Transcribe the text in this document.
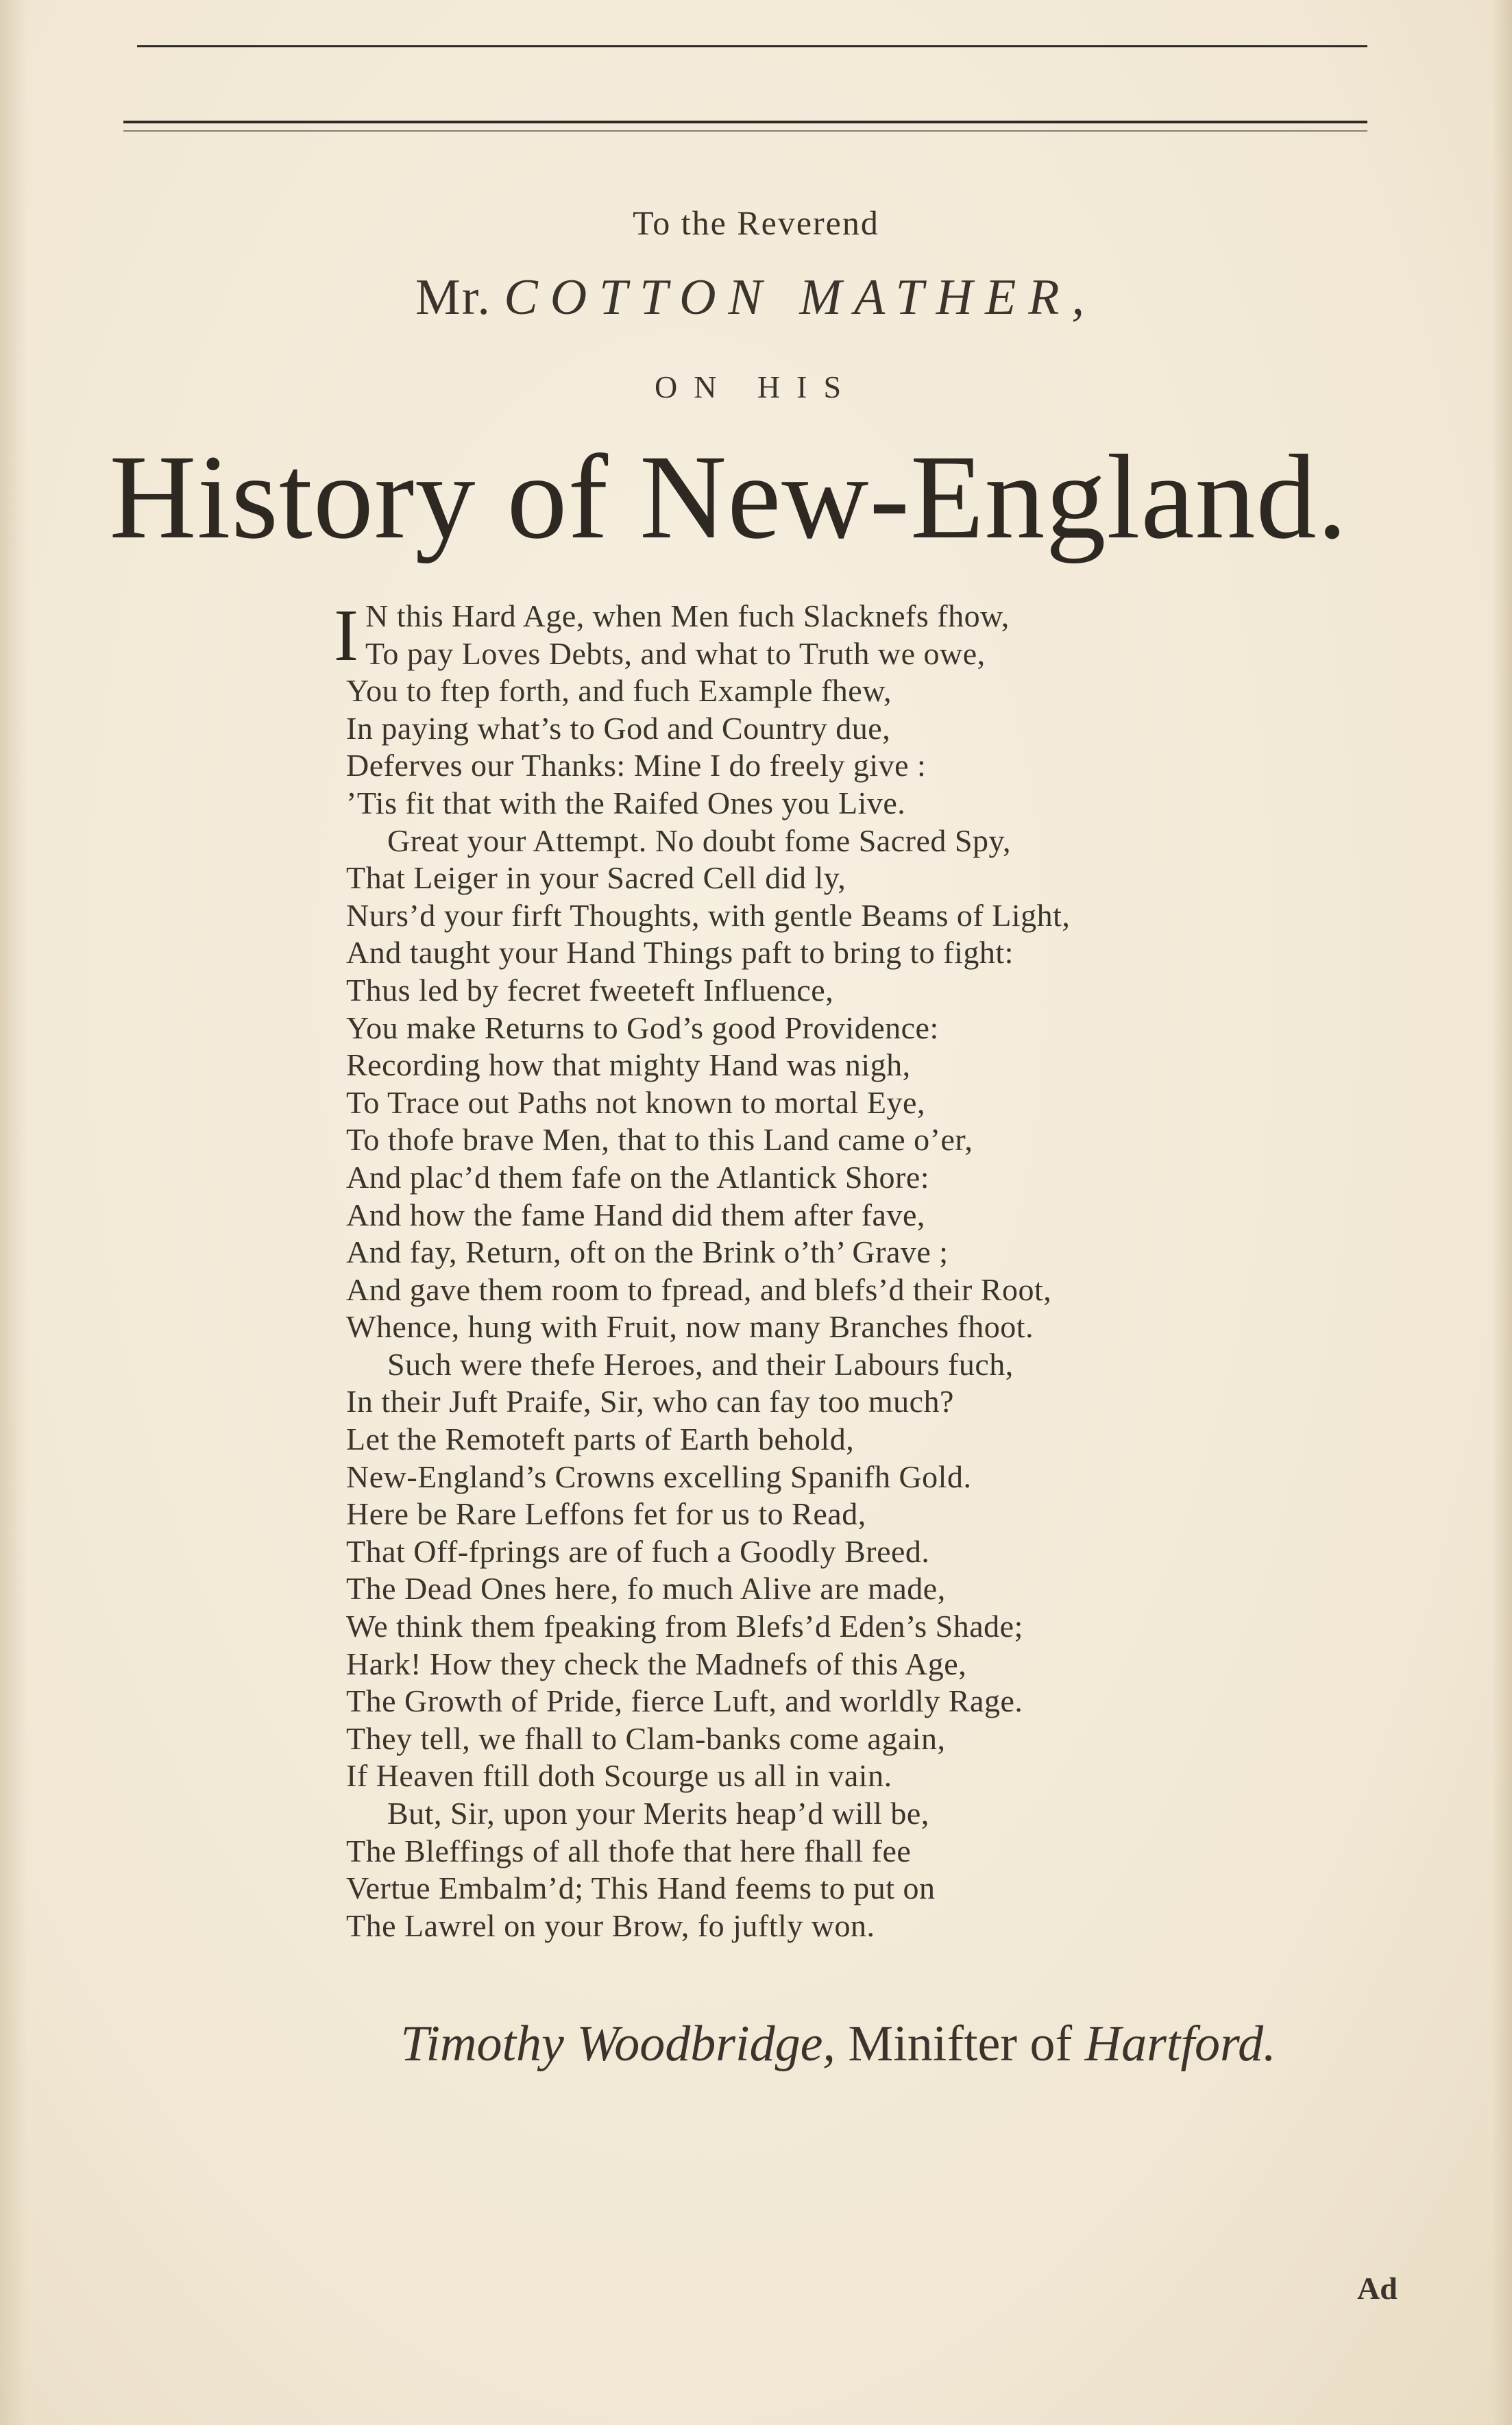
To the Reverend
Mr. COTTON MATHER,
ON HIS
History of New-England.
I N this Hard Age, when Men fuch Slacknefs fhow,
To pay Loves Debts, and what to Truth we owe,
You to ftep forth, and fuch Example fhew,
In paying what’s to God and Country due,
Deferves our Thanks: Mine I do freely give :
’Tis fit that with the Raifed Ones you Live.
Great your Attempt. No doubt fome Sacred Spy,
That Leiger in your Sacred Cell did ly,
Nurs’d your firft Thoughts, with gentle Beams of Light,
And taught your Hand Things paft to bring to fight:
Thus led by fecret fweeteft Influence,
You make Returns to God’s good Providence:
Recording how that mighty Hand was nigh,
To Trace out Paths not known to mortal Eye,
To thofe brave Men, that to this Land came o’er,
And plac’d them fafe on the Atlantick Shore:
And how the fame Hand did them after fave,
And fay, Return, oft on the Brink o’th’ Grave ;
And gave them room to fpread, and blefs’d their Root,
Whence, hung with Fruit, now many Branches fhoot.
Such were thefe Heroes, and their Labours fuch,
In their Juft Praife, Sir, who can fay too much?
Let the Remoteft parts of Earth behold,
New-England’s Crowns excelling Spanifh Gold.
Here be Rare Leffons fet for us to Read,
That Off-fprings are of fuch a Goodly Breed.
The Dead Ones here, fo much Alive are made,
We think them fpeaking from Blefs’d Eden’s Shade;
Hark! How they check the Madnefs of this Age,
The Growth of Pride, fierce Luft, and worldly Rage.
They tell, we fhall to Clam-banks come again,
If Heaven ftill doth Scourge us all in vain.
But, Sir, upon your Merits heap’d will be,
The Bleffings of all thofe that here fhall fee
Vertue Embalm’d; This Hand feems to put on
The Lawrel on your Brow, fo juftly won.
Timothy Woodbridge, Minifter of Hartford.
Ad
